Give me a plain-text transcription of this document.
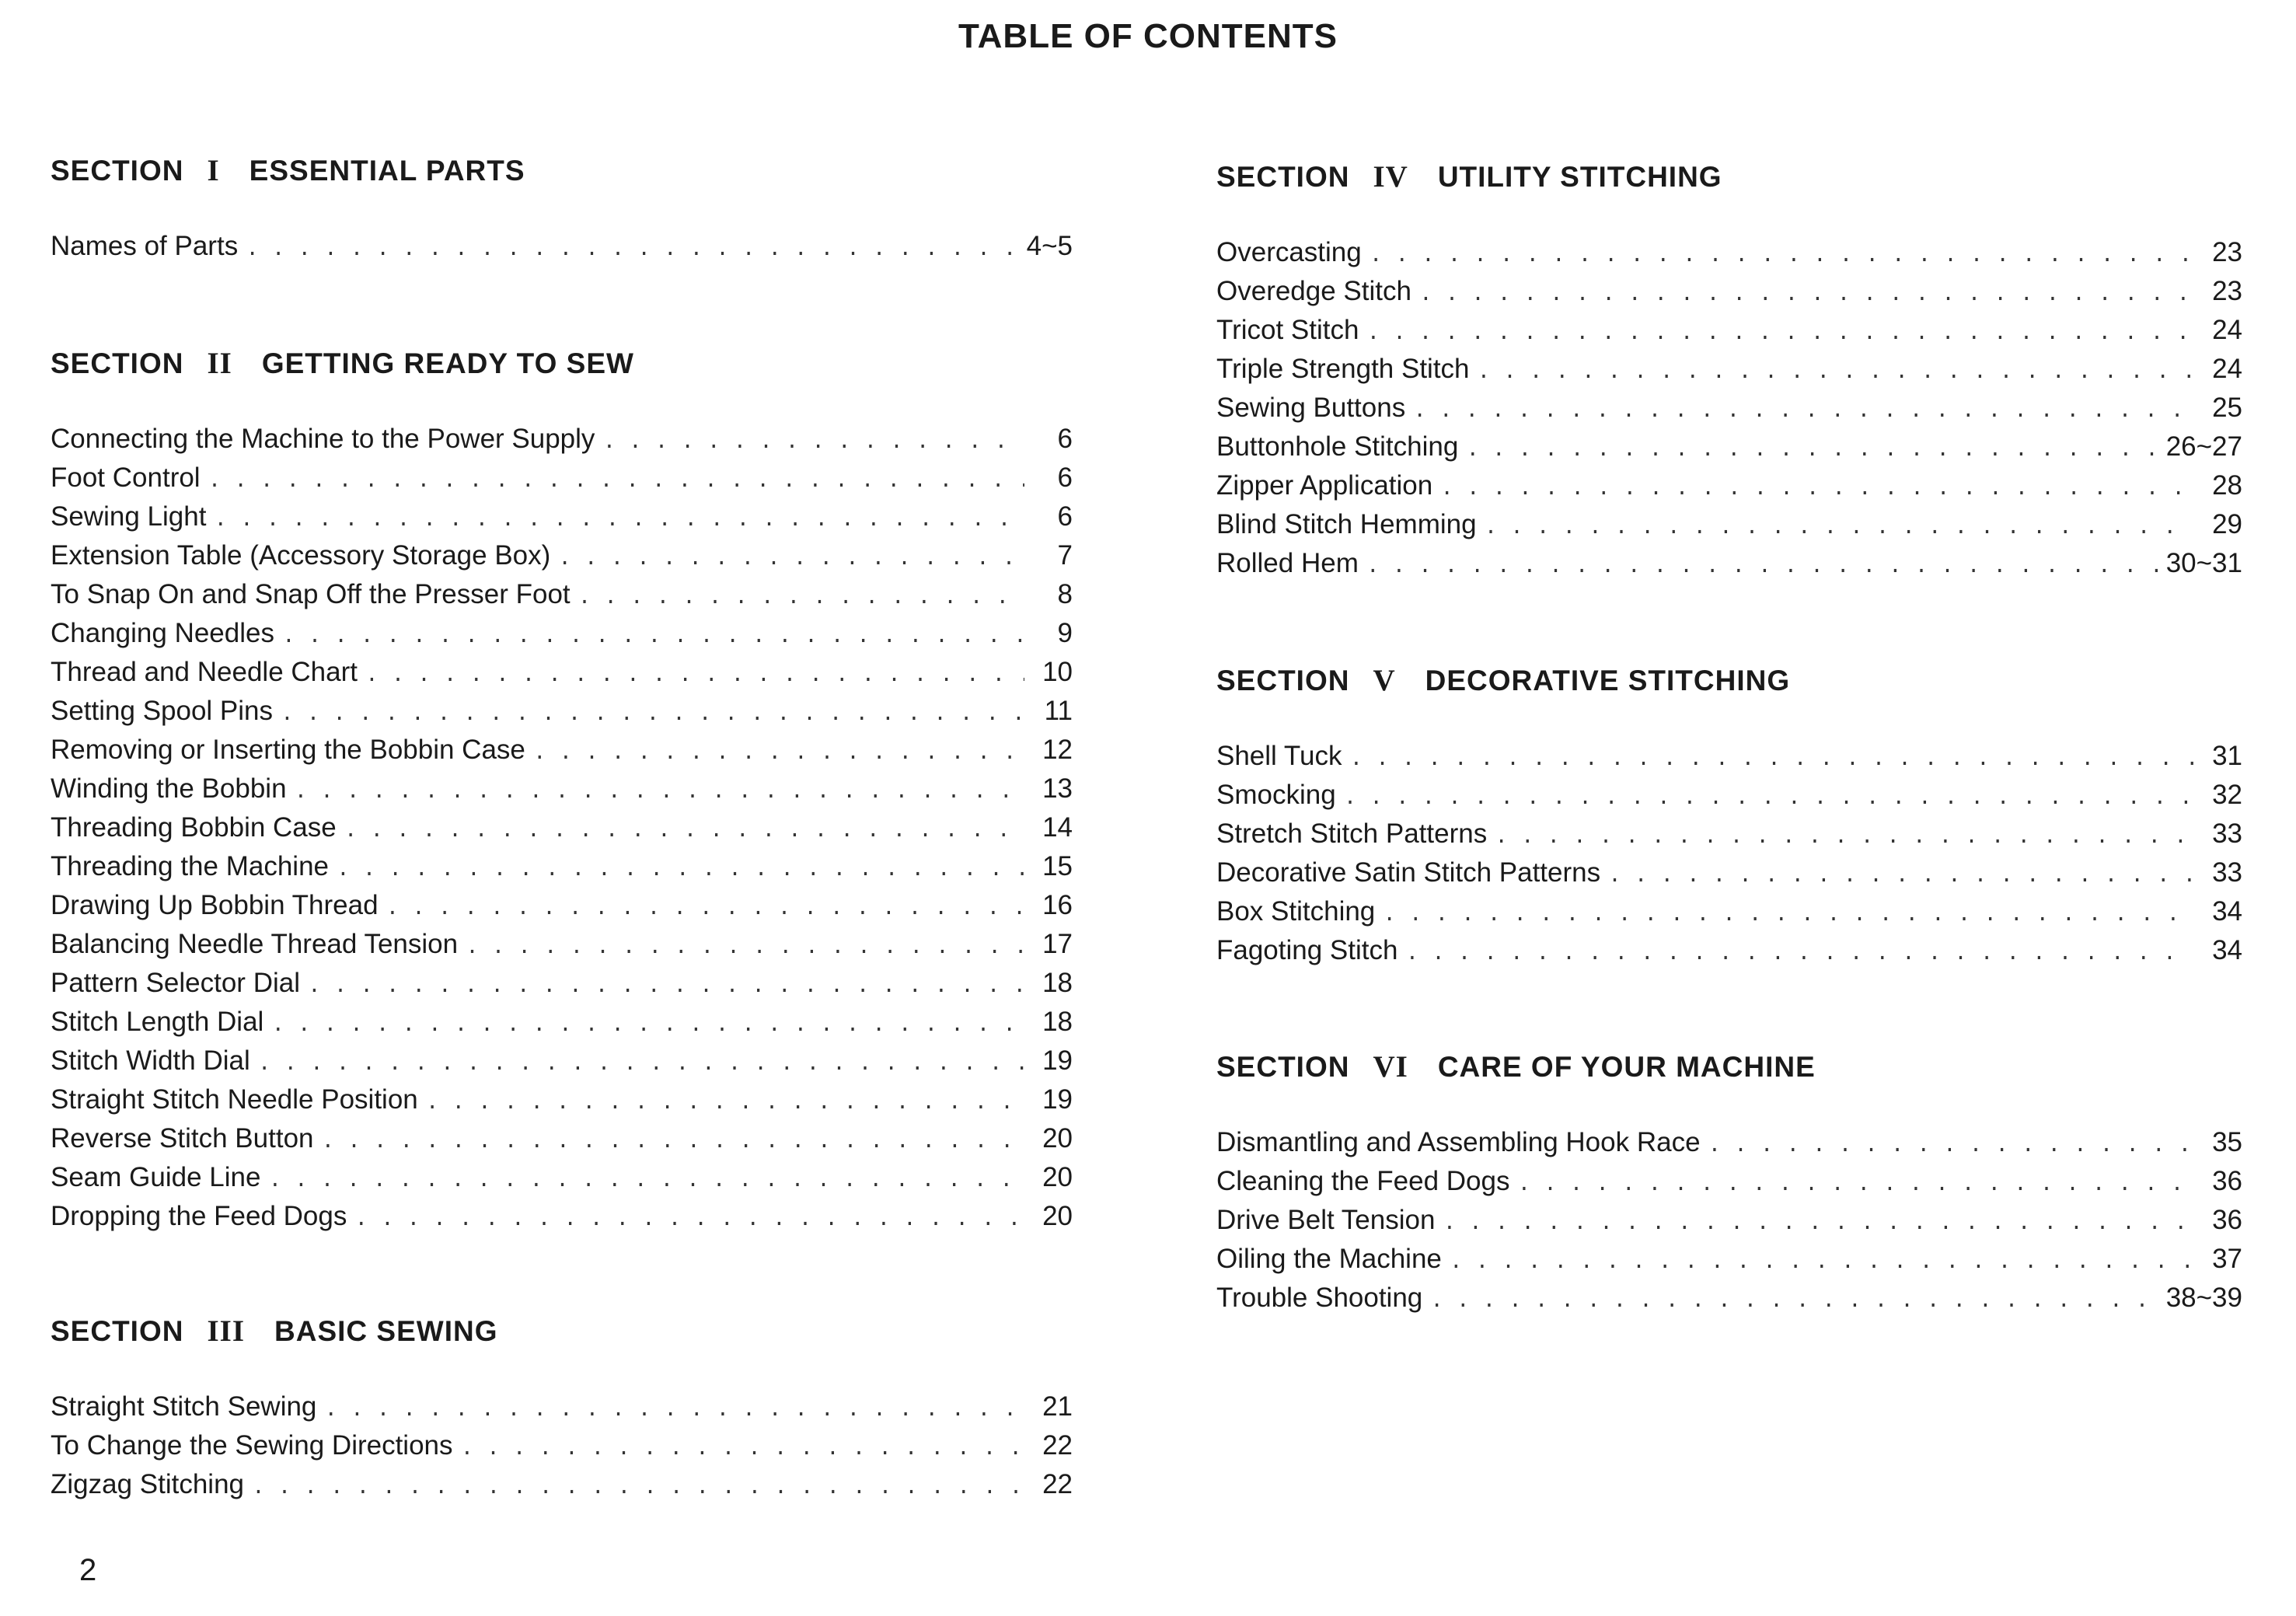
TABLE OF CONTENTS
SECTION I ESSENTIAL PARTS
Names of Parts . . .	4~5
SECTION II GETTING READY TO SEW
Connecting the Machine to the Power Supply . . .	6
Foot Control . . .	6
Sewing Light . . .	6
Extension Table (Accessory Storage Box) . . .	7
To Snap On and Snap Off the Presser Foot . . .	8
Changing Needles . . .	9
Thread and Needle Chart . . .	10
Setting Spool Pins . . .	11
Removing or Inserting the Bobbin Case . . .	12
Winding the Bobbin . . .	13
Threading Bobbin Case . . .	14
Threading the Machine . . .	15
Drawing Up Bobbin Thread . . .	16
Balancing Needle Thread Tension . . .	17
Pattern Selector Dial . . .	18
Stitch Length Dial . . .	18
Stitch Width Dial . . .	19
Straight Stitch Needle Position . . .	19
Reverse Stitch Button . . .	20
Seam Guide Line . . .	20
Dropping the Feed Dogs . . .	20
SECTION III BASIC SEWING
Straight Stitch Sewing . . .	21
To Change the Sewing Directions . . .	22
Zigzag Stitching . . .	22
SECTION IV UTILITY STITCHING
Overcasting . . .	23
Overedge Stitch . . .	23
Tricot Stitch . . .	24
Triple Strength Stitch . . .	24
Sewing Buttons . . .	25
Buttonhole Stitching . . .	26~27
Zipper Application . . .	28
Blind Stitch Hemming . . .	29
Rolled Hem . . .	30~31
SECTION V DECORATIVE STITCHING
Shell Tuck . . .	31
Smocking . . .	32
Stretch Stitch Patterns . . .	33
Decorative Satin Stitch Patterns . . .	33
Box Stitching . . .	34
Fagoting Stitch . . .	34
SECTION VI CARE OF YOUR MACHINE
Dismantling and Assembling Hook Race . . .	35
Cleaning the Feed Dogs . . .	36
Drive Belt Tension . . .	36
Oiling the Machine . . .	37
Trouble Shooting . . .	38~39
2
